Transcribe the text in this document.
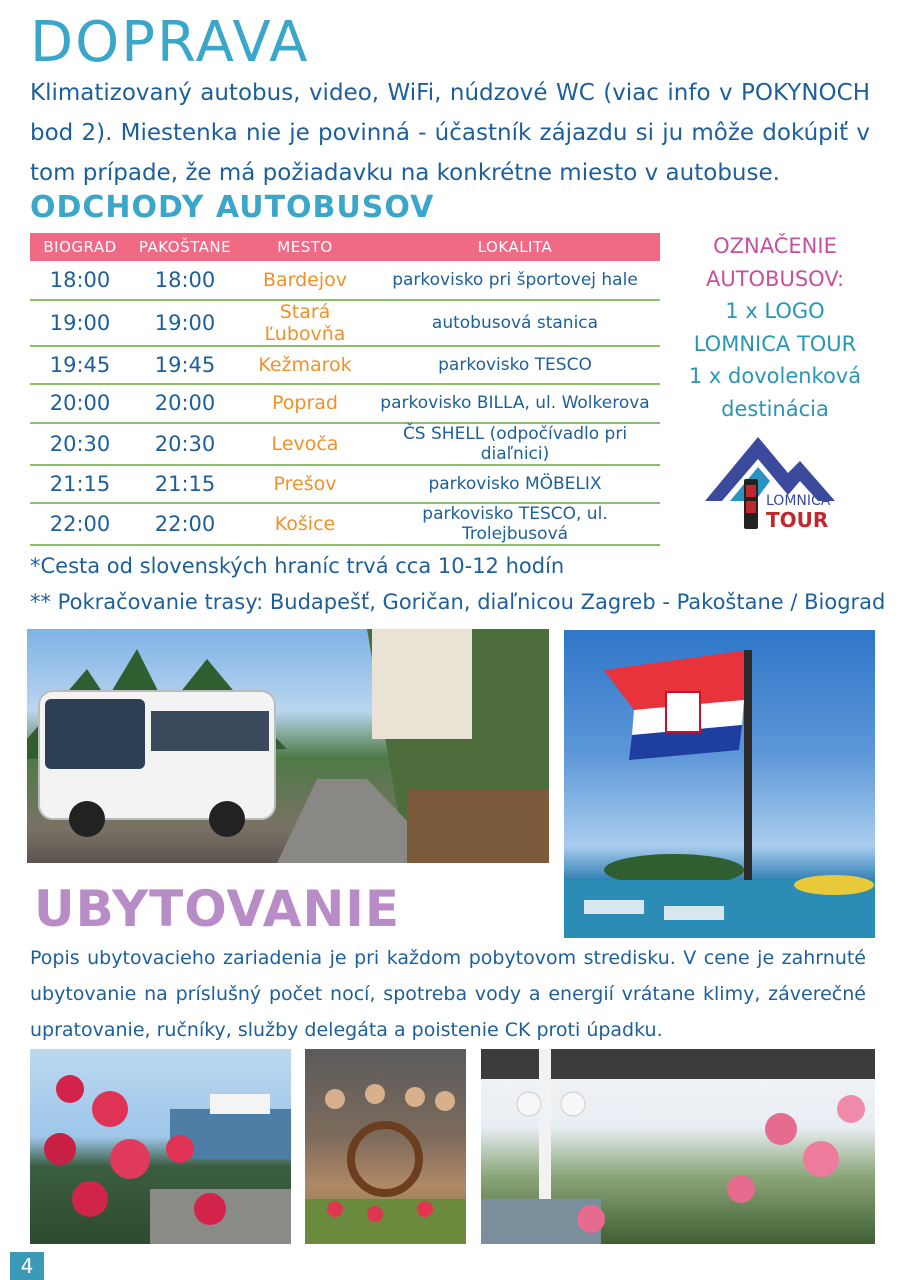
DOPRAVA

Klimatizovaný autobus, video, WiFi, núdzové WC (viac info v POKYNOCH bod 2). Miestenka nie je povinná - účastník zájazdu si ju môže dokúpiť v tom prípade, že má požiadavku na konkrétne miesto v autobuse.

ODCHODY AUTOBUSOV
BIOGRAD	PAKOŠTANE	MESTO	LOKALITA
18:00	18:00	Bardejov	parkovisko pri športovej hale
19:00	19:00	Stará Ľubovňa	autobusová stanica
19:45	19:45	Kežmarok	parkovisko TESCO
20:00	20:00	Poprad	parkovisko BILLA, ul. Wolkerova
20:30	20:30	Levoča	ČS SHELL (odpočívadlo pri diaľnici)
21:15	21:15	Prešov	parkovisko MÖBELIX
22:00	22:00	Košice	parkovisko TESCO, ul. Trolejbusová
OZNAČENIE
AUTOBUSOV:
1 x LOGO
LOMNICA TOUR
1 x dovolenková
destinácia
LOMNICA
TOUR
*Cesta od slovenských hraníc trvá cca 10-12 hodín
** Pokračovanie trasy: Budapešť, Goričan, diaľnicou Zagreb - Pakoštane / Biograd
UBYTOVANIE

Popis ubytovacieho zariadenia je pri každom pobytovom stredisku. V cene je zahrnuté ubytovanie na príslušný počet nocí, spotreba vody a energií vrátane klimy, záverečné upratovanie, ručníky, služby delegáta a poistenie CK proti úpadku.

4
